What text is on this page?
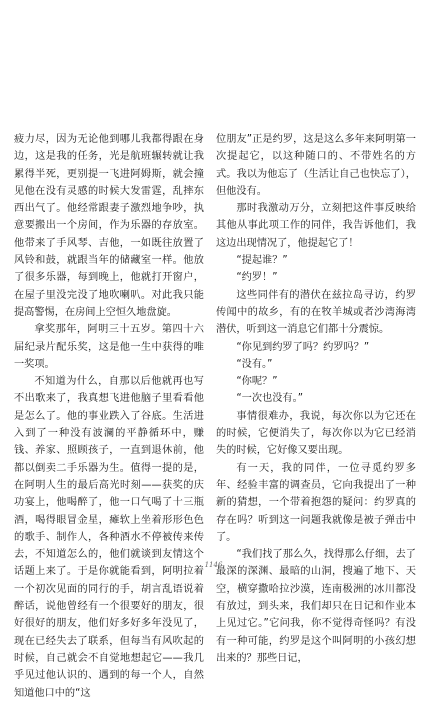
疲力尽，因为无论他到哪儿我都得跟在身边，这是我的任务，光是航班辗转就让我累得半死，更别提一飞进阿姆斯，就会撞见他在没有灵感的时候大发雷霆，乱摔东西出气了。他经常跟妻子激烈地争吵，执意要搬出一个房间，作为乐器的存放室。他带来了手风琴、吉他，一如既往放置了风铃和鼓，就跟当年的储藏室一样。他放了很多乐器，每到晚上，他就打开窗户，在屋子里没完没了地吹喇叭。对此我只能提高警惕，在房间上空恒久地盘旋。

拿奖那年，阿明三十五岁。第四十六届纪录片配乐奖，这是他一生中获得的唯一奖项。

不知道为什么，自那以后他就再也写不出歌来了，我真想飞进他脑子里看看他是怎么了。他的事业跌入了谷底。生活进入到了一种没有波澜的平静循环中，赚钱、养家、照顾孩子，一直到退休前，他都以倒卖二手乐器为生。值得一提的是，在阿明人生的最后高光时刻——获奖的庆功宴上，他喝醉了，他一口气喝了十三瓶酒，喝得眼冒金星，瘫软上坐着形形色色的歌手、制作人，各种酒水不停被传来传去，不知道怎么的，他们就谈到友情这个话题上来了。于是你就能看到，阿明拉着一个初次见面的同行的手，胡言乱语说着醉话，说他曾经有一个很要好的朋友，很好很好的朋友，他们好多好多年没见了，现在已经失去了联系，但每当有风吹起的时候，自己就会不自觉地想起它——我几乎见过他认识的、遇到的每一个人，自然知道他口中的“这

位朋友”正是约罗，这是这么多年来阿明第一次提起它，以这种随口的、不带姓名的方式。我以为他忘了（生活让自己也快忘了），但他没有。

那时我激动万分，立刻把这件事反映给其他从事此项工作的同伴，我告诉他们，我这边出现情况了，他提起它了！

“提起谁？”

“约罗！”

这些同伴有的潜伏在兹拉岛寻访，约罗传闻中的故乡，有的在牧羊城或者沙湾海湾潜伏，听到这一消息它们都十分震惊。

“你见到约罗了吗？约罗吗？”

“没有。”

“你呢？”

“一次也没有。”

事情很难办，我说，每次你以为它还在的时候，它便消失了，每次你以为它已经消失的时候，它好像又要出现。

有一天，我的同伴，一位寻觅约罗多年、经验丰富的调查员，它向我提出了一种新的猜想，一个带着抱怨的疑问：约罗真的存在吗？听到这一问题我就像是被子弹击中了。

“我们找了那么久，找得那么仔细，去了最深的深渊、最暗的山洞，搜遍了地下、天空，横穿撒哈拉沙漠，连南极洲的冰川都没有放过，到头来，我们却只在日记和作业本上见过它。”它问我，你不觉得奇怪吗？有没有一种可能，约罗是这个叫阿明的小孩幻想出来的？那些日记，

1146
